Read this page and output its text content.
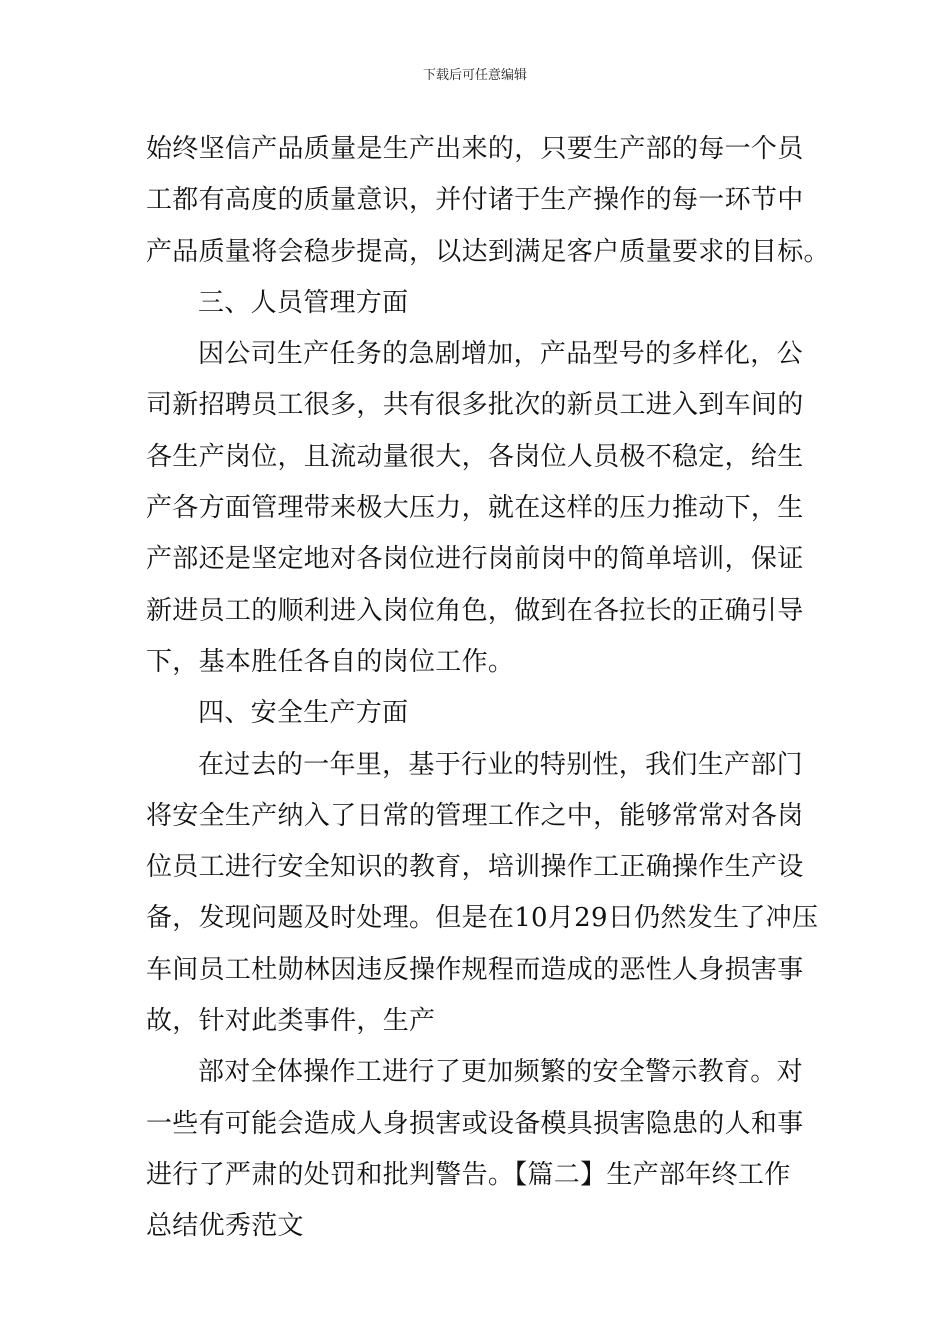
下载后可任意编辑
始终坚信产品质量是生产出来的，只要生产部的每一个员
工都有高度的质量意识，并付诸于生产操作的每一环节中
产品质量将会稳步提高，以达到满足客户质量要求的目标。
三、人员管理方面
因公司生产任务的急剧增加，产品型号的多样化，公
司新招聘员工很多，共有很多批次的新员工进入到车间的
各生产岗位，且流动量很大，各岗位人员极不稳定，给生
产各方面管理带来极大压力，就在这样的压力推动下，生
产部还是坚定地对各岗位进行岗前岗中的简单培训，保证
新进员工的顺利进入岗位角色，做到在各拉长的正确引导
下，基本胜任各自的岗位工作。
四、安全生产方面
在过去的一年里，基于行业的特别性，我们生产部门
将安全生产纳入了日常的管理工作之中，能够常常对各岗
位员工进行安全知识的教育，培训操作工正确操作生产设
备，发现问题及时处理。但是在10月29日仍然发生了冲压
车间员工杜勋林因违反操作规程而造成的恶性人身损害事
故，针对此类事件，生产
部对全体操作工进行了更加频繁的安全警示教育。对
一些有可能会造成人身损害或设备模具损害隐患的人和事
进行了严肃的处罚和批判警告。【篇二】生产部年终工作
总结优秀范文
